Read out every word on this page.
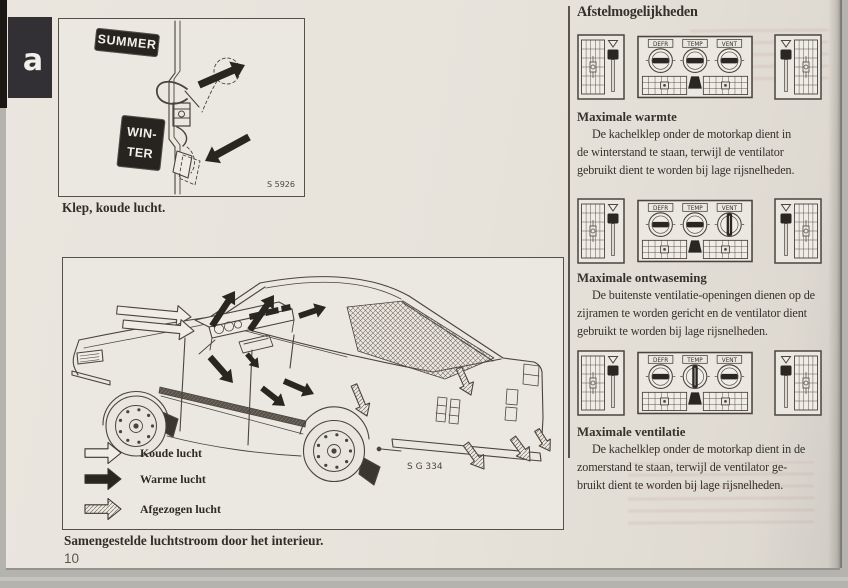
a
SUMMER
WIN-
TER
S 5926
Klep, koude lucht.
Koude lucht
Warme lucht
Afgezogen lucht
S G 334
Samengestelde luchtstroom door het interieur.
10
Afstelmogelijkheden
DEFR	TEMP	VENT
Maximale warmte
De kachelklep onder de motorkap dient in
de winterstand te staan, terwijl de ventilator
gebruikt dient te worden bij lage rijsnelheden.
DEFR	TEMP	VENT
Maximale ontwaseming
De buitenste ventilatie-openingen dienen op de
zijramen te worden gericht en de ventilator dient
gebruikt te worden bij lage rijsnelheden.
DEFR	TEMP	VENT
Maximale ventilatie
De kachelklep onder de motorkap dient in de
zomerstand te staan, terwijl de ventilator ge-
bruikt dient te worden bij lage rijsnelheden.
